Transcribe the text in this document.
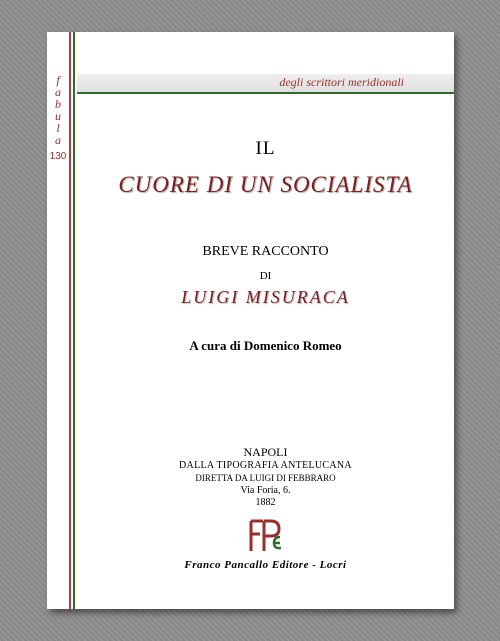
f
a
b
u
l
a
130
degli scrittori meridionali
IL
CUORE DI UN SOCIALISTA
BREVE RACCONTO
DI
LUIGI MISURACA
A cura di Domenico Romeo
NAPOLI
DALLA TIPOGRAFIA ANTELUCANA
DIRETTA DA LUIGI DI FEBBRARO
Via Foria, 6.
1882
Franco Pancallo Editore - Locri
